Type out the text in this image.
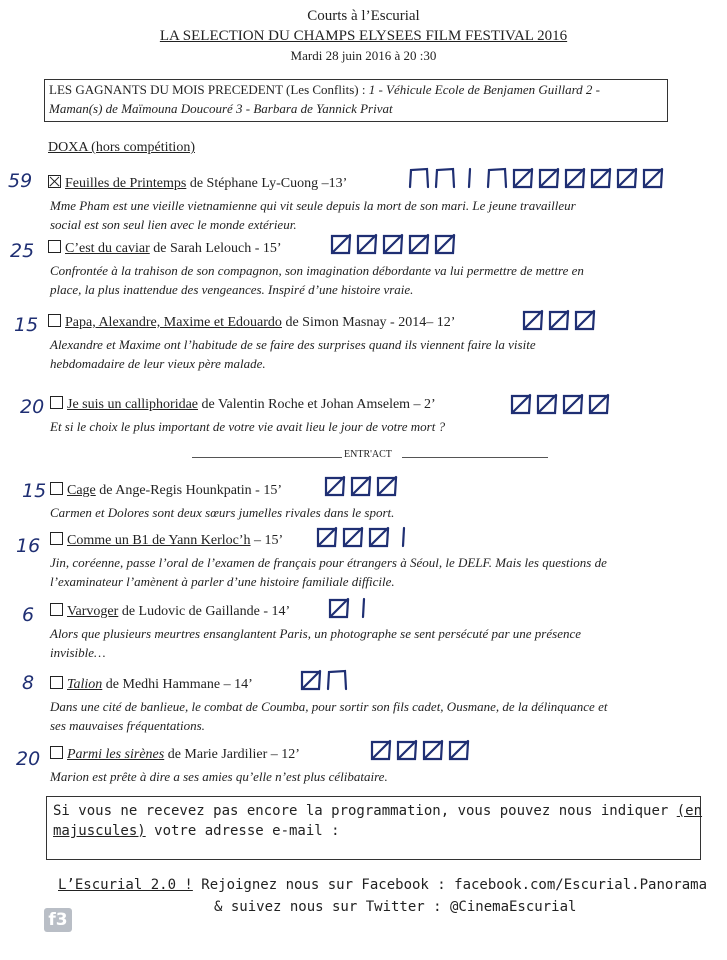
Courts à l’Escurial
LA SELECTION DU CHAMPS ELYSEES FILM FESTIVAL 2016
Mardi 28 juin 2016 à 20 :30
LES GAGNANTS DU MOIS PRECEDENT (Les Conflits) : 1 - Véhicule Ecole de Benjamen Guillard 2 -
Maman(s) de Maïmouna Doucouré 3 - Barbara de Yannick Privat
DOXA (hors compétition)
59	Feuilles de Printemps de Stéphane Ly-Cuong –13’
Mme Pham est une vieille vietnamienne qui vit seule depuis la mort de son mari. Le jeune travailleur
social est son seul lien avec le monde extérieur.
25	C’est du caviar de Sarah Lelouch - 15’
Confrontée à la trahison de son compagnon, son imagination débordante va lui permettre de mettre en
place, la plus inattendue des vengeances. Inspiré d’une histoire vraie.
15	Papa, Alexandre, Maxime et Edouardo de Simon Masnay - 2014– 12’
Alexandre et Maxime ont l’habitude de se faire des surprises quand ils viennent faire la visite
hebdomadaire de leur vieux père malade.
20	Je suis un calliphoridae de Valentin Roche et Johan Amselem – 2’
Et si le choix le plus important de votre vie avait lieu le jour de votre mort ?
ENTR'ACT
15	Cage de Ange-Regis Hounkpatin - 15’
Carmen et Dolores sont deux sœurs jumelles rivales dans le sport.
16	Comme un B1 de Yann Kerloc’h – 15’
Jin, coréenne, passe l’oral de l’examen de français pour étrangers à Séoul, le DELF. Mais les questions de
l’examinateur l’amènent à parler d’une histoire familiale difficile.
6	Varvoger de Ludovic de Gaillande - 14’
Alors que plusieurs meurtres ensanglantent Paris, un photographe se sent persécuté par une présence
invisible…
8	Talion de Medhi Hammane – 14’
Dans une cité de banlieue, le combat de Coumba, pour sortir son fils cadet, Ousmane, de la délinquance et
ses mauvaises fréquentations.
20	Parmi les sirènes de Marie Jardilier – 12’
Marion est prête à dire a ses amies qu’elle n’est plus célibataire.
Si vous ne recevez pas encore la programmation, vous pouvez nous indiquer (en
majuscules) votre adresse e-mail :
L’Escurial 2.0 ! Rejoignez nous sur Facebook : facebook.com/Escurial.Panorama
& suivez nous sur Twitter : @CinemaEscurial
f3
